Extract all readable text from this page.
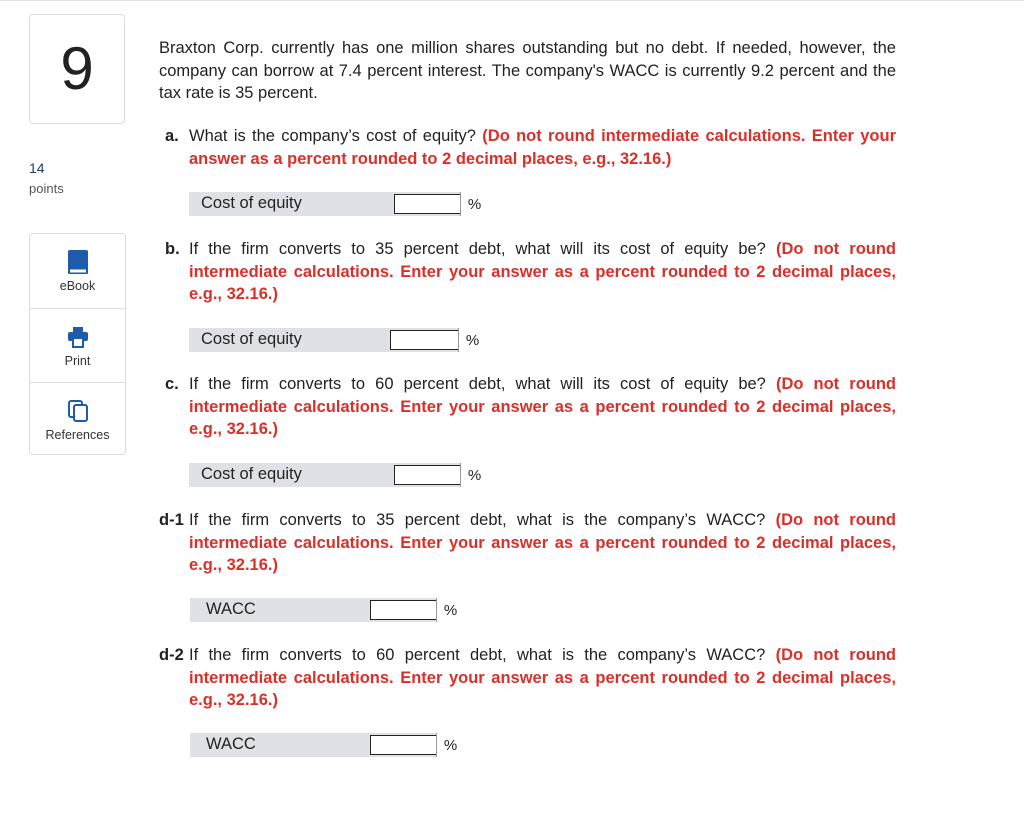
9
14
points
eBook
Print
References
Braxton Corp. currently has one million shares outstanding but no debt. If needed, however, the company can borrow at 7.4 percent interest. The company's WACC is currently 9.2 percent and the tax rate is 35 percent.
a. What is the company’s cost of equity? (Do not round intermediate calculations. Enter your answer as a percent rounded to 2 decimal places, e.g., 32.16.)
Cost of equity	%
b. If the firm converts to 35 percent debt, what will its cost of equity be? (Do not round intermediate calculations. Enter your answer as a percent rounded to 2 decimal places, e.g., 32.16.)
Cost of equity	%
c. If the firm converts to 60 percent debt, what will its cost of equity be? (Do not round intermediate calculations. Enter your answer as a percent rounded to 2 decimal places, e.g., 32.16.)
Cost of equity	%
d-1 If the firm converts to 35 percent debt, what is the company’s WACC? (Do not round intermediate calculations. Enter your answer as a percent rounded to 2 decimal places, e.g., 32.16.)
WACC	%
d-2 If the firm converts to 60 percent debt, what is the company’s WACC? (Do not round intermediate calculations. Enter your answer as a percent rounded to 2 decimal places, e.g., 32.16.)
WACC	%
